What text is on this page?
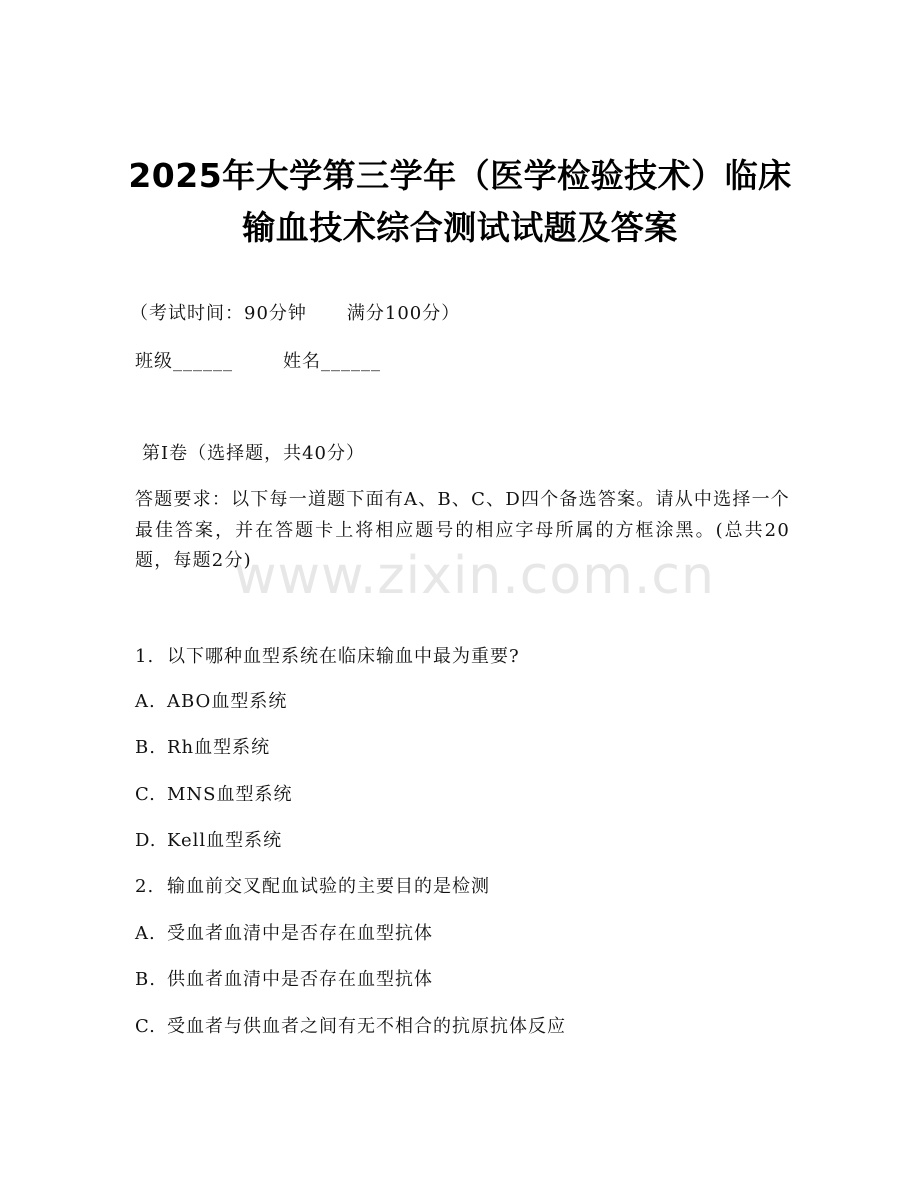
www.zixin.com.cn
2025年大学第三学年（医学检验技术）临床
输血技术综合测试试题及答案
（考试时间：90分钟 满分100分）
班级______	姓名______
第I卷（选择题，共40分）
答题要求：以下每一道题下面有A、B、C、D四个备选答案。请从中选择一个最佳答案，并在答题卡上将相应题号的相应字母所属的方框涂黑。(总共20题，每题2分)
1. 以下哪种血型系统在临床输血中最为重要?
A. ABO血型系统
B. Rh血型系统
C. MNS血型系统
D. Kell血型系统
2. 输血前交叉配血试验的主要目的是检测
A. 受血者血清中是否存在血型抗体
B. 供血者血清中是否存在血型抗体
C. 受血者与供血者之间有无不相合的抗原抗体反应
